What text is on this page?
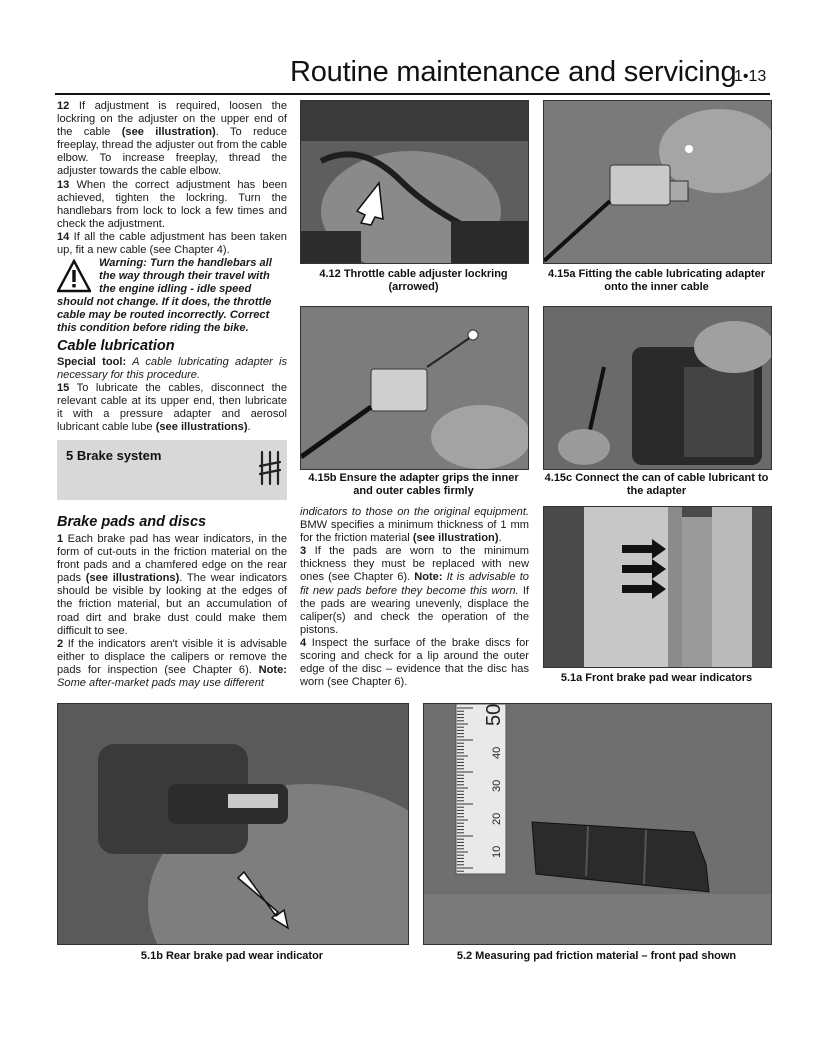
Routine maintenance and servicing
1•13

12 If adjustment is required, loosen the lockring on the adjuster on the upper end of the cable (see illustration). To reduce freeplay, thread the adjuster out from the cable elbow. To increase freeplay, thread the adjuster towards the cable elbow.

13 When the correct adjustment has been achieved, tighten the lockring. Turn the handlebars from lock to lock a few times and check the adjustment.

14 If all the cable adjustment has been taken up, fit a new cable (see Chapter 4).

Warning: Turn the handlebars all the way through their travel with the engine idling - idle speed should not change. If it does, the throttle cable may be routed incorrectly. Correct this condition before riding the bike.
Cable lubrication

Special tool: A cable lubricating adapter is necessary for this procedure.

15 To lubricate the cables, disconnect the relevant cable at its upper end, then lubricate it with a pressure adapter and aerosol lubricant cable lube (see illustrations).

5 Brake system
Brake pads and discs

1 Each brake pad has wear indicators, in the form of cut-outs in the friction material on the front pads and a chamfered edge on the rear pads (see illustrations). The wear indicators should be visible by looking at the edges of the friction material, but an accumulation of road dirt and brake dust could make them difficult to see.

2 If the indicators aren't visible it is advisable either to displace the calipers or remove the pads for inspection (see Chapter 6). Note: Some after-market pads may use different

indicators to those on the original equipment. BMW specifies a minimum thickness of 1 mm for the friction material (see illustration).

3 If the pads are worn to the minimum thickness they must be replaced with new ones (see Chapter 6). Note: It is advisable to fit new pads before they become this worn. If the pads are wearing unevenly, displace the caliper(s) and check the operation of the pistons.

4 Inspect the surface of the brake discs for scoring and check for a lip around the outer edge of the disc – evidence that the disc has worn (see Chapter 6).

4.12 Throttle cable adjuster lockring (arrowed)
4.15a Fitting the cable lubricating adapter onto the inner cable
4.15b Ensure the adapter grips the inner and outer cables firmly
4.15c Connect the can of cable lubricant to the adapter
5.1a Front brake pad wear indicators
5.1b Rear brake pad wear indicator
50
40
30
20
10
5.2 Measuring pad friction material – front pad shown
